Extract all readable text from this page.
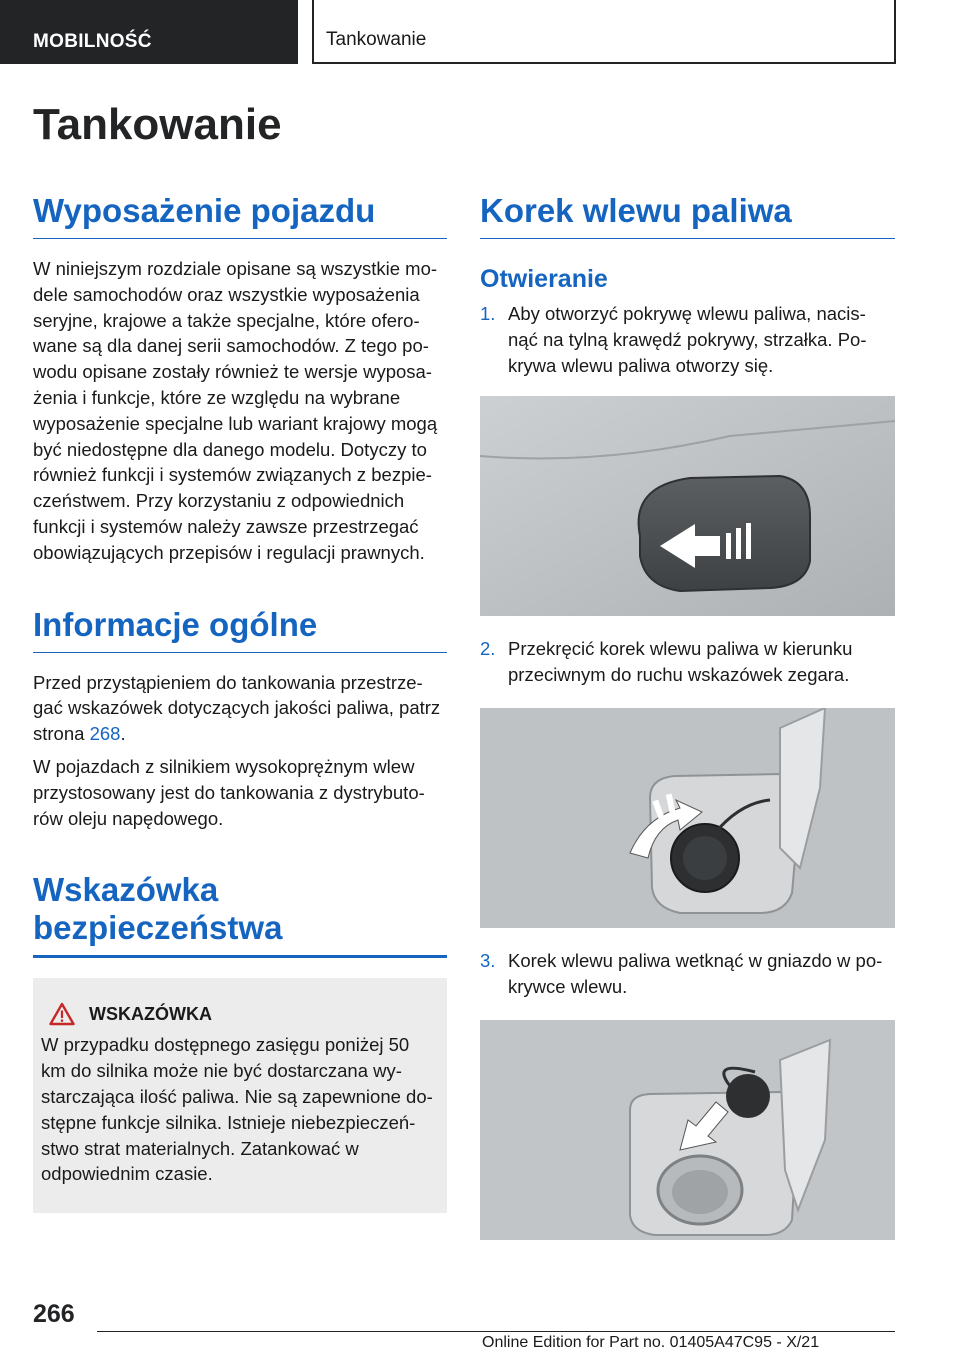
MOBILNOŚĆ	Tankowanie
Tankowanie
Wyposażenie pojazdu

W niniejszym rozdziale opisane są wszystkie mo‐dele samochodów oraz wszystkie wyposażenia seryjne, krajowe a także specjalne, które ofero‐wane są dla danej serii samochodów. Z tego po‐wodu opisane zostały również te wersje wyposa‐żenia i funkcje, które ze względu na wybrane wyposażenie specjalne lub wariant krajowy mogą być niedostępne dla danego modelu. Dotyczy to również funkcji i systemów związanych z bezpie‐czeństwem. Przy korzystaniu z odpowiednich funkcji i systemów należy zawsze przestrzegać obowiązujących przepisów i regulacji prawnych.

Informacje ogólne

Przed przystąpieniem do tankowania przestrze‐gać wskazówek dotyczących jakości paliwa, patrz strona 268.

W pojazdach z silnikiem wysokoprężnym wlew przystosowany jest do tankowania z dystrybuto‐rów oleju napędowego.

Wskazówka
bezpieczeństwa
WSKAZÓWKA

W przypadku dostępnego zasięgu poniżej 50 km do silnika może nie być dostarczana wy‐starczająca ilość paliwa. Nie są zapewnione do‐stępne funkcje silnika. Istnieje niebezpieczeń‐stwo strat materialnych. Zatankować w odpowiednim czasie.

Korek wlewu paliwa
Otwieranie
1. Aby otworzyć pokrywę wlewu paliwa, nacis‐nąć na tylną krawędź pokrywy, strzałka. Po‐krywa wlewu paliwa otworzy się.

2. Przekręcić korek wlewu paliwa w kierunku przeciwnym do ruchu wskazówek zegara.

3. Korek wlewu paliwa wetknąć w gniazdo w po‐krywce wlewu.

266
Online Edition for Part no. 01405A47C95 - X/21
